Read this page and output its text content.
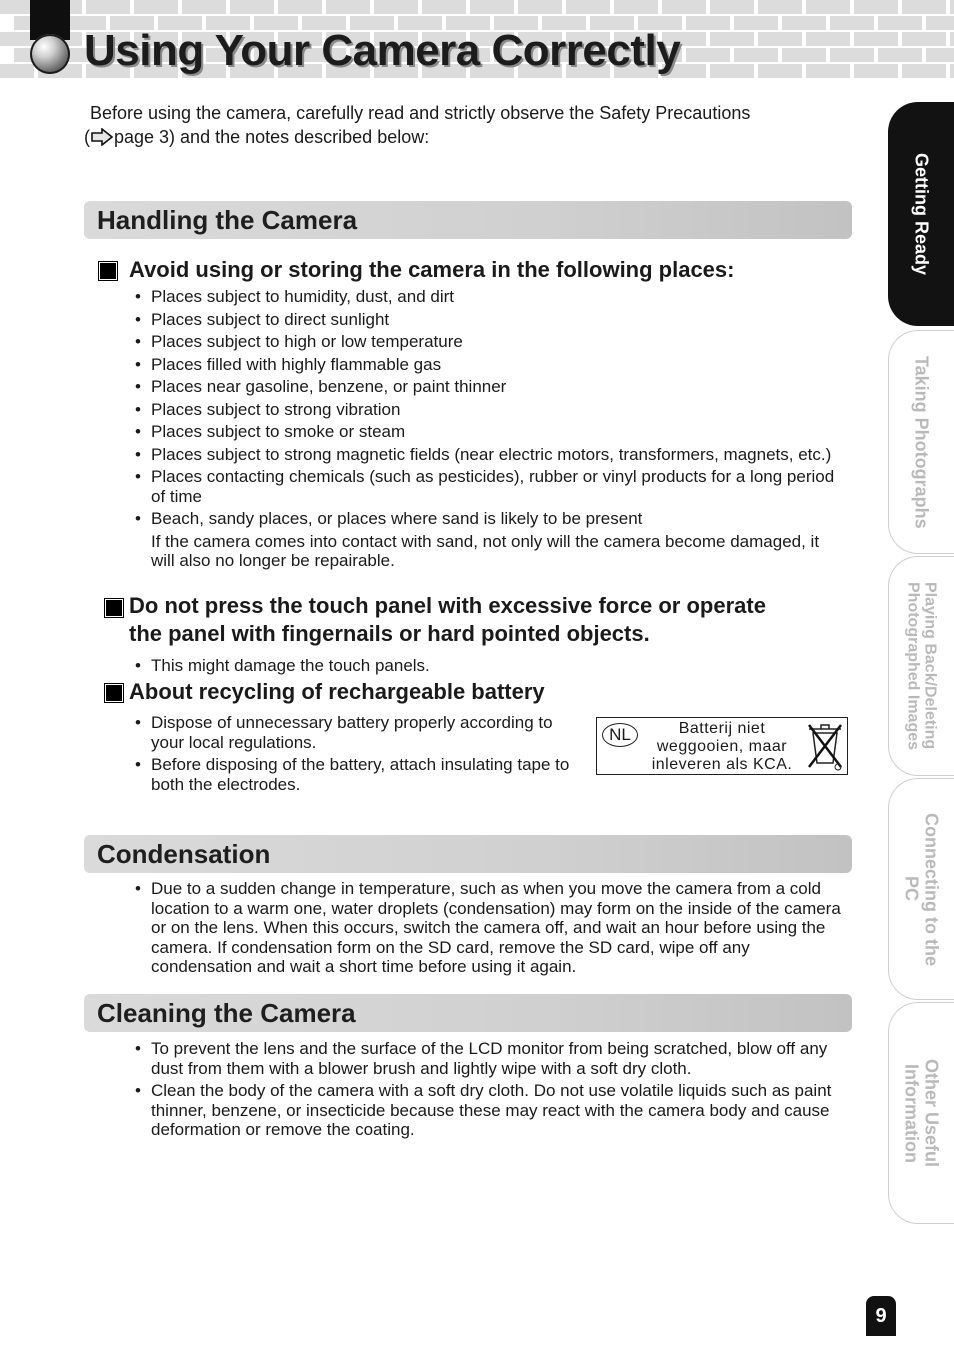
Using Your Camera Correctly

Before using the camera, carefully read and strictly observe the Safety Precautions
( page 3) and the notes described below:

Handling the Camera
Avoid using or storing the camera in the following places:
• Places subject to humidity, dust, and dirt
• Places subject to direct sunlight
• Places subject to high or low temperature
• Places filled with highly flammable gas
• Places near gasoline, benzene, or paint thinner
• Places subject to strong vibration
• Places subject to smoke or steam
• Places subject to strong magnetic fields (near electric motors, transformers, magnets, etc.)
• Places contacting chemicals (such as pesticides), rubber or vinyl products for a long period of time
• Beach, sandy places, or places where sand is likely to be present
If the camera comes into contact with sand, not only will the camera become damaged, it will also no longer be repairable.
Do not press the touch panel with excessive force or operate
the panel with fingernails or hard pointed objects.
• This might damage the touch panels.
About recycling of rechargeable battery
• Dispose of unnecessary battery properly according to your local regulations.
• Before disposing of the battery, attach insulating tape to both the electrodes.
NL	Batterij niet
weggooien, maar
inleveren als KCA.
Condensation
• Due to a sudden change in temperature, such as when you move the camera from a cold location to a warm one, water droplets (condensation) may form on the inside of the camera or on the lens. When this occurs, switch the camera off, and wait an hour before using the camera. If condensation form on the SD card, remove the SD card, wipe off any condensation and wait a short time before using it again.
Cleaning the Camera
• To prevent the lens and the surface of the LCD monitor from being scratched, blow off any dust from them with a blower brush and lightly wipe with a soft dry cloth.
• Clean the body of the camera with a soft dry cloth. Do not use volatile liquids such as paint thinner, benzene, or insecticide because these may react with the camera body and cause deformation or remove the coating.
Getting Ready
Taking Photographs
Playing Back/Deleting
Photographed Images
Connecting to the
PC
Other Useful
Information
9
